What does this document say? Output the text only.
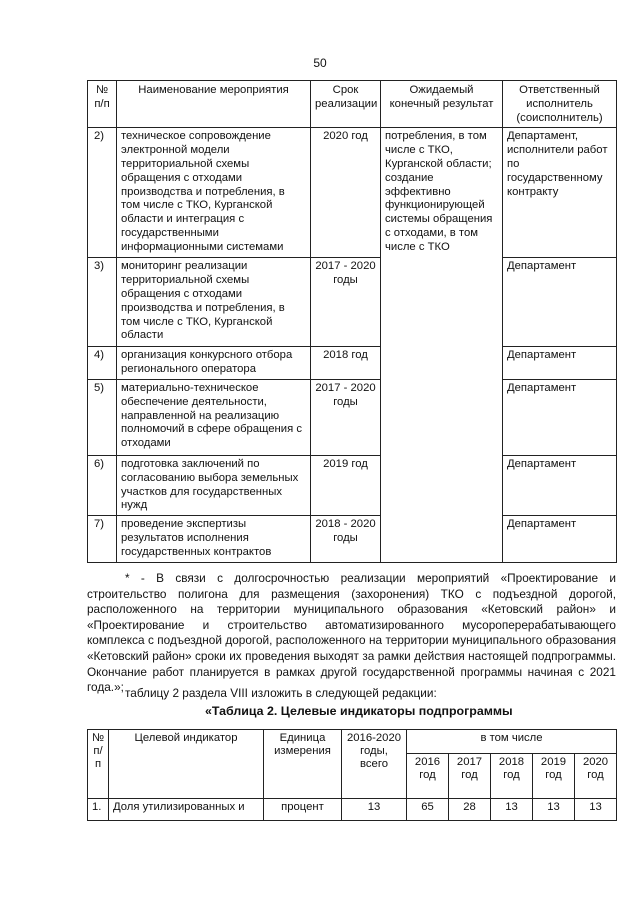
50
№ п/п	Наименование мероприятия	Срок реализации	Ожидаемый конечный результат	Ответственный исполнитель (соисполнитель)
2)	техническое сопровождение электронной модели территориальной схемы обращения с отходами производства и потребления, в том числе с ТКО, Курганской области и интеграция с государственными информационными системами	2020 год	потребления, в том числе с ТКО, Курганской области; создание эффективно функционирующей системы обращения с отходами, в том числе с ТКО	Департамент, исполнители работ по государственному контракту
3)	мониторинг реализации территориальной схемы обращения с отходами производства и потребления, в том числе с ТКО, Курганской области	2017 - 2020 годы		Департамент
4)	организация конкурсного отбора регионального оператора	2018 год		Департамент
5)	материально-техническое обеспечение деятельности, направленной на реализацию полномочий в сфере обращения с отходами	2017 - 2020 годы		Департамент
6)	подготовка заключений по согласованию выбора земельных участков для государственных нужд	2019 год		Департамент
7)	проведение экспертизы результатов исполнения государственных контрактов	2018 - 2020 годы		Департамент
* - В связи с долгосрочностью реализации мероприятий «Проектирование и строительство полигона для размещения (захоронения) ТКО с подъездной дорогой, расположенного на территории муниципального образования «Кетовский район» и «Проектирование и строительство автоматизированного мусороперерабатывающего комплекса с подъездной дорогой, расположенного на территории муниципального образования «Кетовский район» сроки их проведения выходят за рамки действия настоящей подпрограммы. Окончание работ планируется в рамках другой государственной программы начиная с 2021 года.»; таблицу 2 раздела VIII изложить в следующей редакции:
«Таблица 2. Целевые индикаторы подпрограммы
№ п/п	Целевой индикатор	Единица измерения	2016-2020 годы, всего	в том числе				
				2016 год	2017 год	2018 год	2019 год	2020 год
1.	Доля утилизированных и	процент	13	65	28	13	13	13
